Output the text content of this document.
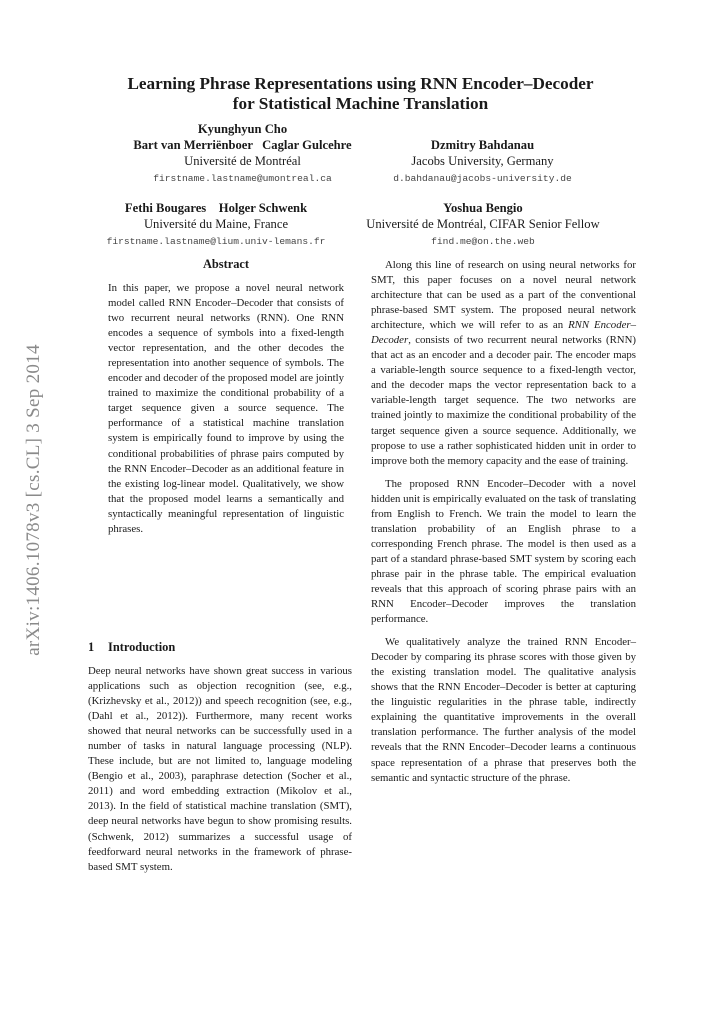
arXiv:1406.1078v3 [cs.CL] 3 Sep 2014
Learning Phrase Representations using RNN Encoder–Decoder
for Statistical Machine Translation
Kyunghyun Cho
Bart van Merriënboer   Caglar Gulcehre
Université de Montréal
firstname.lastname@umontreal.ca
Dzmitry Bahdanau
Jacobs University, Germany
d.bahdanau@jacobs-university.de
Fethi Bougares    Holger Schwenk
Université du Maine, France
firstname.lastname@lium.univ-lemans.fr
Yoshua Bengio
Université de Montréal, CIFAR Senior Fellow
find.me@on.the.web
Abstract

In this paper, we propose a novel neural network model called RNN Encoder–Decoder that consists of two recurrent neural networks (RNN). One RNN encodes a sequence of symbols into a fixed-length vector representation, and the other decodes the representation into another sequence of symbols. The encoder and decoder of the proposed model are jointly trained to maximize the conditional probability of a target sequence given a source sequence. The performance of a statistical machine translation system is empirically found to improve by using the conditional probabilities of phrase pairs computed by the RNN Encoder–Decoder as an additional feature in the existing log-linear model. Qualitatively, we show that the proposed model learns a semantically and syntactically meaningful representation of linguistic phrases.

1 Introduction

Deep neural networks have shown great success in various applications such as objection recognition (see, e.g., (Krizhevsky et al., 2012)) and speech recognition (see, e.g., (Dahl et al., 2012)). Furthermore, many recent works showed that neural networks can be successfully used in a number of tasks in natural language processing (NLP). These include, but are not limited to, language modeling (Bengio et al., 2003), paraphrase detection (Socher et al., 2011) and word embedding extraction (Mikolov et al., 2013). In the field of statistical machine translation (SMT), deep neural networks have begun to show promising results. (Schwenk, 2012) summarizes a successful usage of feedforward neural networks in the framework of phrase-based SMT system.

Along this line of research on using neural networks for SMT, this paper focuses on a novel neural network architecture that can be used as a part of the conventional phrase-based SMT system. The proposed neural network architecture, which we will refer to as an RNN Encoder–Decoder, consists of two recurrent neural networks (RNN) that act as an encoder and a decoder pair. The encoder maps a variable-length source sequence to a fixed-length vector, and the decoder maps the vector representation back to a variable-length target sequence. The two networks are trained jointly to maximize the conditional probability of the target sequence given a source sequence. Additionally, we propose to use a rather sophisticated hidden unit in order to improve both the memory capacity and the ease of training.

The proposed RNN Encoder–Decoder with a novel hidden unit is empirically evaluated on the task of translating from English to French. We train the model to learn the translation probability of an English phrase to a corresponding French phrase. The model is then used as a part of a standard phrase-based SMT system by scoring each phrase pair in the phrase table. The empirical evaluation reveals that this approach of scoring phrase pairs with an RNN Encoder–Decoder improves the translation performance.

We qualitatively analyze the trained RNN Encoder–Decoder by comparing its phrase scores with those given by the existing translation model. The qualitative analysis shows that the RNN Encoder–Decoder is better at capturing the linguistic regularities in the phrase table, indirectly explaining the quantitative improvements in the overall translation performance. The further analysis of the model reveals that the RNN Encoder–Decoder learns a continuous space representation of a phrase that preserves both the semantic and syntactic structure of the phrase.
